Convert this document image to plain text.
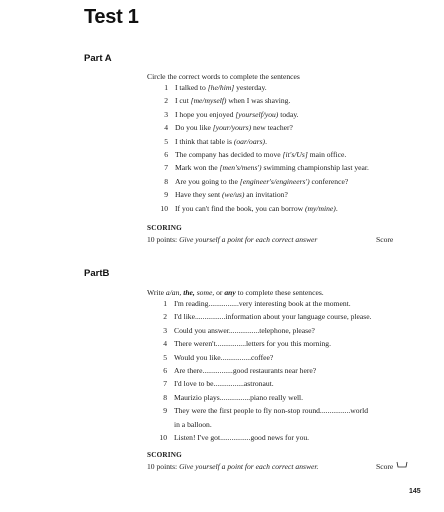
Test 1
Part A
Circle the correct words to complete the sentences
1 I talked to [he/him] yesterday.
2 I cut [me/myself) when I was shaving.
3 I hope you enjoyed [yourself/you) today.
4 Do you like [your/yours) new teacher?
5 I think that table is (oar/oars).
6 The company has decided to move [it's/Us] main office.
7 Mark won the [men's/mens') swimming championship last year.
8 Are you going to the [engineer's/engineers') conference?
9 Have they sent (we/us) an invitation?
10 If you can't find the book, you can borrow (my/mine).
SCORING
10 points: Give yourself a point for each correct answer	Score
PartB
Write a/an, the, some, or any to complete these sentences.
1 I'm reading................very interesting book at the moment.
2 I'd like................information about your language course, please.
3 Could you answer................telephone, please?
4 There weren't................letters for you this morning.
5 Would you like................coffee?
6 Are there................good restaurants near here?
7 I'd love to be................astronaut.
8 Maurizio plays................piano really well.
9 They were the first people to fly non-stop round................world
10 Listen! I've got................good news for you.
in a balloon.
SCORING
10 points: Give yourself a point for each correct answer.	Score
145
